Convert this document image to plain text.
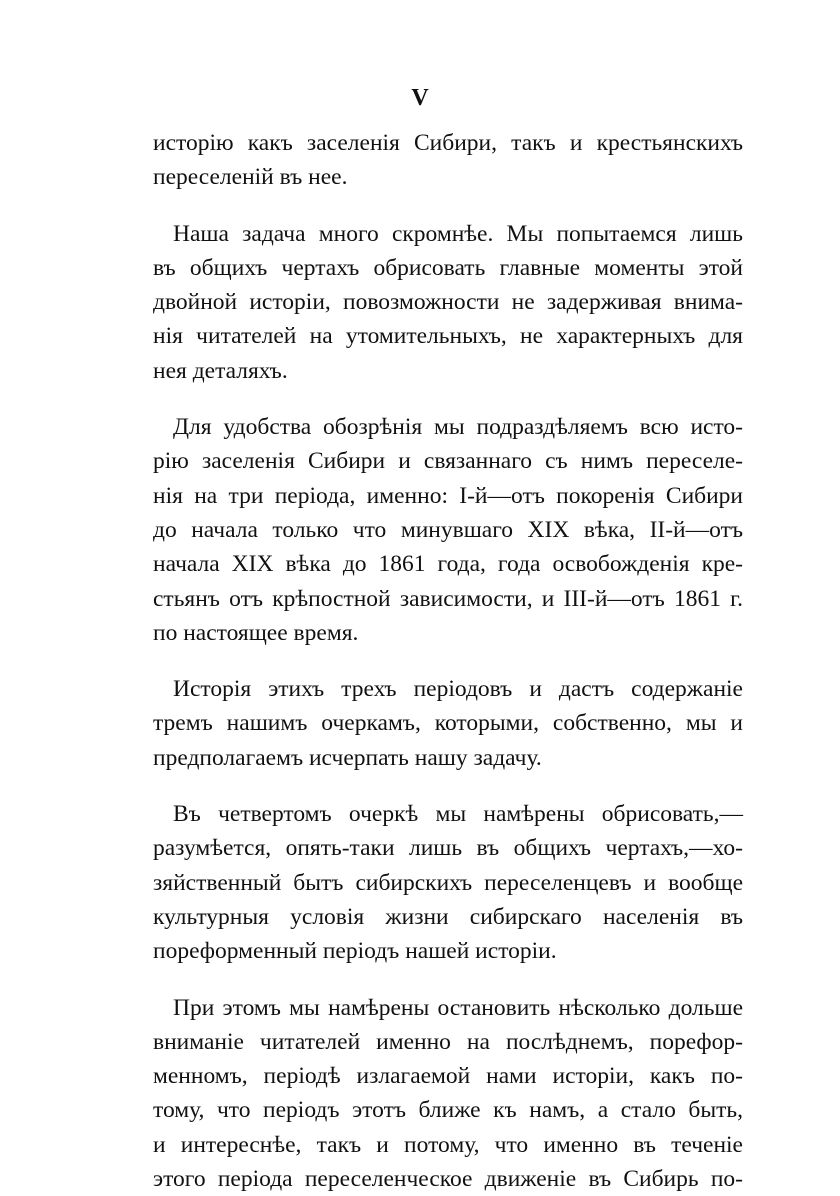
V
исторію какъ заселенія Сибири, такъ и крестьянскихъ
переселеній въ нее.
Наша задача много скромнѣе. Мы попытаемся лишь
въ общихъ чертахъ обрисовать главные моменты этой
двойной исторіи, повозможности не задерживая внима-
нія читателей на утомительныхъ, не характерныхъ для
нея деталяхъ.
Для удобства обозрѣнія мы подраздѣляемъ всю исто-
рію заселенія Сибири и связаннаго съ нимъ переселе-
нія на три періода, именно: І-й—отъ покоренія Сибири
до начала только что минувшаго XIX вѣка, II-й—отъ
начала XIX вѣка до 1861 года, года освобожденія кре-
стьянъ отъ крѣпостной зависимости, и III-й—отъ 1861 г.
по настоящее время.
Исторія этихъ трехъ періодовъ и дастъ содержаніе
тремъ нашимъ очеркамъ, которыми, собственно, мы и
предполагаемъ исчерпать нашу задачу.
Въ четвертомъ очеркѣ мы намѣрены обрисовать,—
разумѣется, опять-таки лишь въ общихъ чертахъ,—хо-
зяйственный бытъ сибирскихъ переселенцевъ и вообще
культурныя условія жизни сибирскаго населенія въ
пореформенный періодъ нашей исторіи.
При этомъ мы намѣрены остановить нѣсколько дольше
вниманіе читателей именно на послѣднемъ, порефор-
менномъ, періодѣ излагаемой нами исторіи, какъ по-
тому, что періодъ этотъ ближе къ намъ, а стало быть,
и интереснѣе, такъ и потому, что именно въ теченіе
этого періода переселенческое движеніе въ Сибирь по-
